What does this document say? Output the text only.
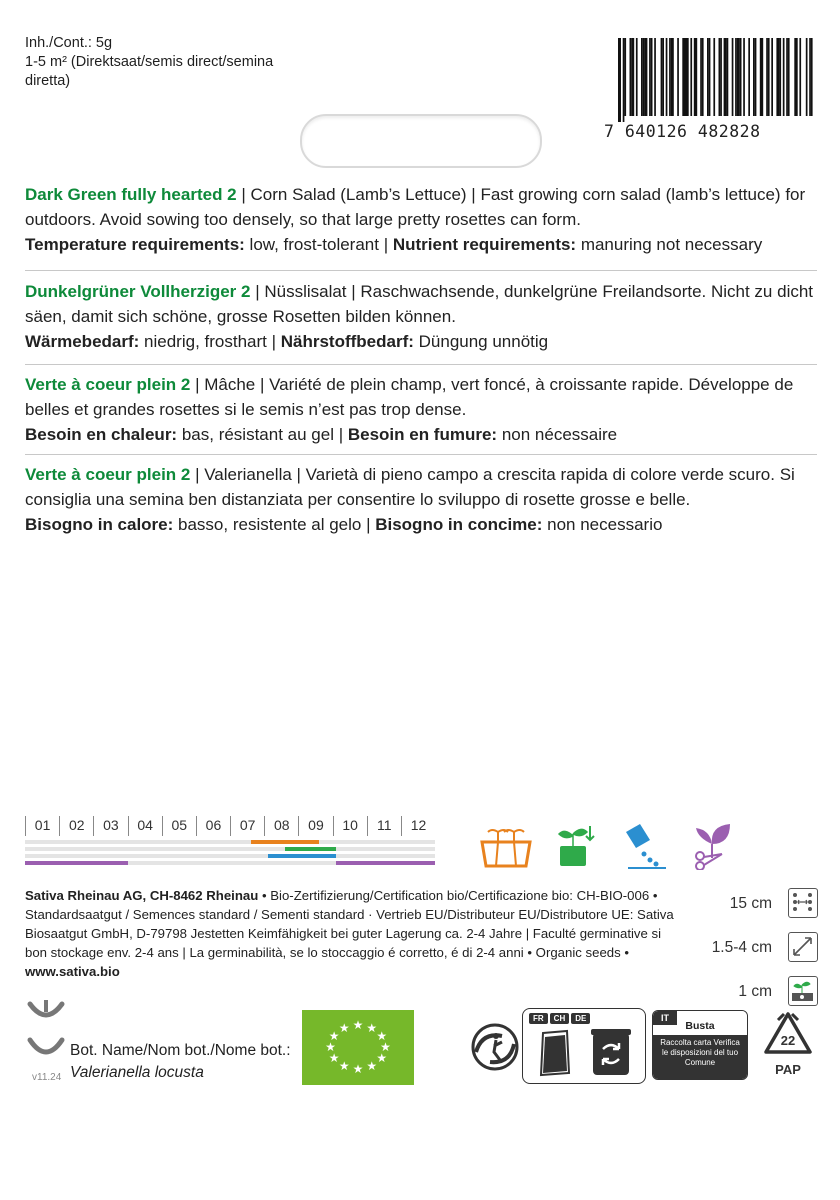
Inh./Cont.: 5g
1-5 m² (Direktsaat/semis direct/semina diretta)
7 640126 482828
Dark Green fully hearted 2 | Corn Salad (Lamb’s Lettuce) | Fast growing corn salad (lamb’s lettuce) for outdoors. Avoid sowing too densely, so that large pretty rosettes can form.
Temperature requirements: low, frost-tolerant | Nutrient requirements: manuring not necessary
Dunkelgrüner Vollherziger 2 | Nüsslisalat | Raschwachsende, dunkelgrüne Freilandsorte. Nicht zu dicht säen, damit sich schöne, grosse Rosetten bilden können.
Wärmebedarf: niedrig, frosthart | Nährstoffbedarf: Düngung unnötig
Verte à coeur plein 2 | Mâche | Variété de plein champ, vert foncé, à croissante rapide. Développe de belles et grandes rosettes si le semis n’est pas trop dense.
Besoin en chaleur: bas, résistant au gel | Besoin en fumure: non nécessaire
Verte à coeur plein 2 | Valerianella | Varietà di pieno campo a crescita rapida di colore verde scuro. Si consiglia una semina ben distanziata per consentire lo sviluppo di rosette grosse e belle.
Bisogno in calore: basso, resistente al gelo | Bisogno in concime: non necessario
01	02	03	04	05	06	07	08	09	10	11	12
Sativa Rheinau AG, CH-8462 Rheinau • Bio-Zertifizierung/Certification bio/Certificazione bio: CH-BIO-006 • Standardsaatgut / Semences standard / Sementi standard · Vertrieb EU/Distributeur EU/Distributore UE: Sativa Biosaatgut GmbH, D-79798 Jestetten Keimfähigkeit bei guter Lagerung ca. 2-4 Jahre | Faculté germinative si bon stockage env. 2-4 ans | La germinabilità, se lo stoccaggio é corretto, é di 2-4 anni • Organic seeds • www.sativa.bio
15 cm
1.5-4 cm
1 cm
Bot. Name/Nom bot./Nome bot.:
Valerianella locusta
v11.24
★
★
★
★
★
★
★
★
★ ★ ★
★
FR	CH	DE	IT
Busta
Raccolta carta Verifica le disposizioni del tuo Comune
22
PAP
